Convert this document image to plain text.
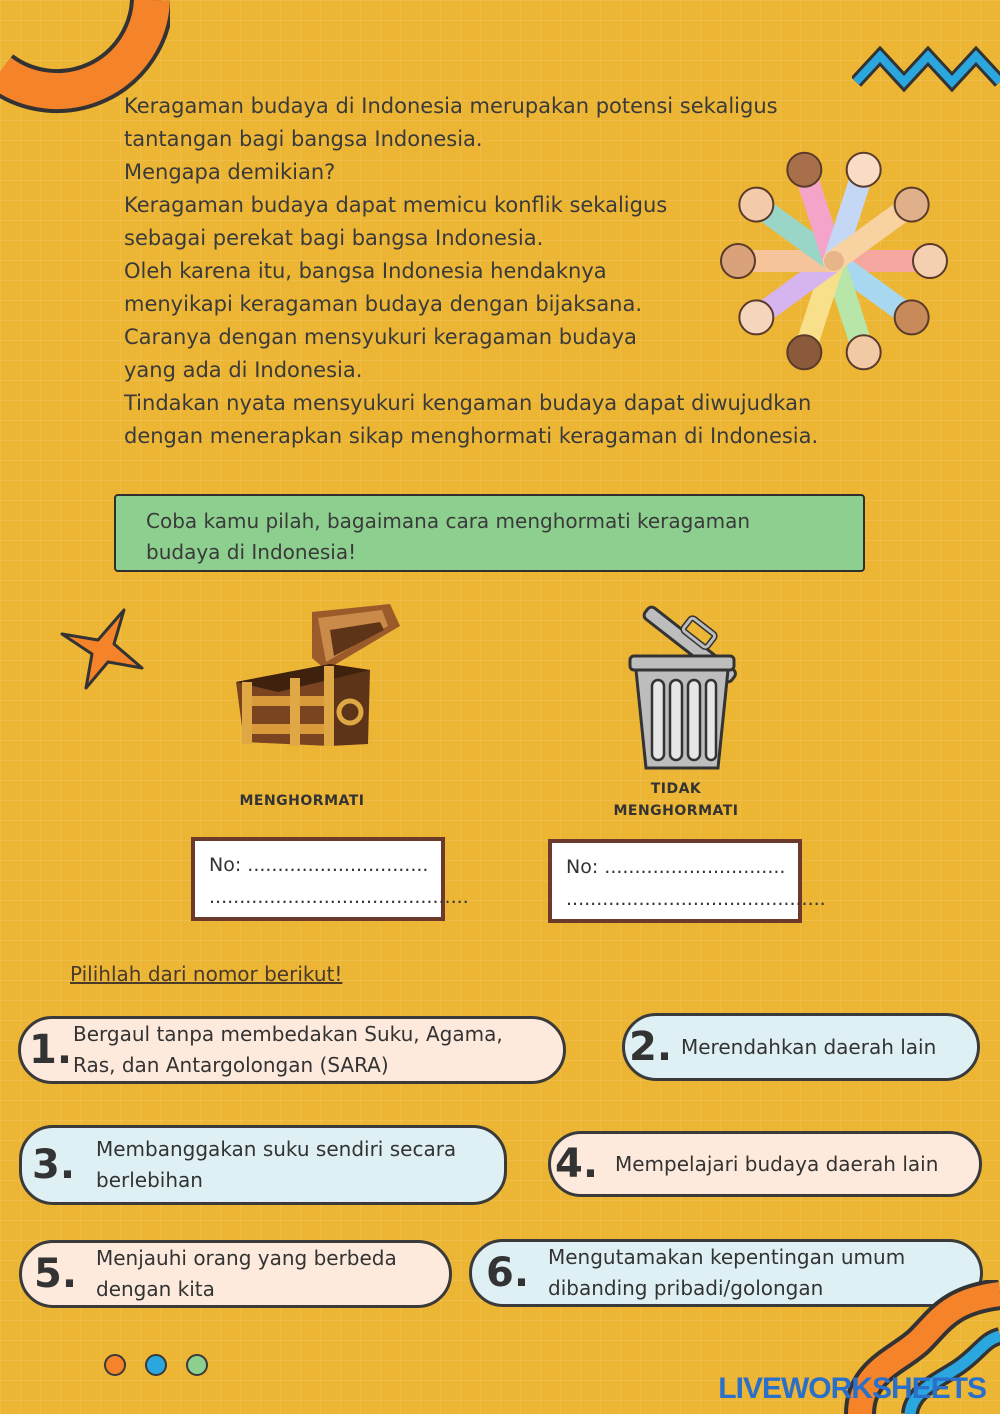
Keragaman budaya di Indonesia merupakan potensi sekaligus

tantangan bagi bangsa Indonesia.

Mengapa demikian?

Keragaman budaya dapat memicu konflik sekaligus

sebagai perekat bagi bangsa Indonesia.

Oleh karena itu, bangsa Indonesia hendaknya

menyikapi keragaman budaya dengan bijaksana.

Caranya dengan mensyukuri keragaman budaya

yang ada di Indonesia.

Tindakan nyata mensyukuri kengaman budaya dapat diwujudkan

dengan menerapkan sikap menghormati keragaman di Indonesia.

Coba kamu pilah, bagaimana cara menghormati keragaman
budaya di Indonesia!
MENGHORMATI
TIDAK
MENGHORMATI
No: ..............................
...........................................
No: ..............................
...........................................
Pilihlah dari nomor berikut!
1. Bergaul tanpa membedakan Suku, Agama,
Ras, dan Antargolongan (SARA)	2. Merendahkan daerah lain
3.	Membanggakan suku sendiri secara
berlebihan	4. Mempelajari budaya daerah lain
5. Menjauhi orang yang berbeda
dengan kita	6. Mengutamakan kepentingan umum
dibanding pribadi/golongan
LIVEWORKSHEETS
